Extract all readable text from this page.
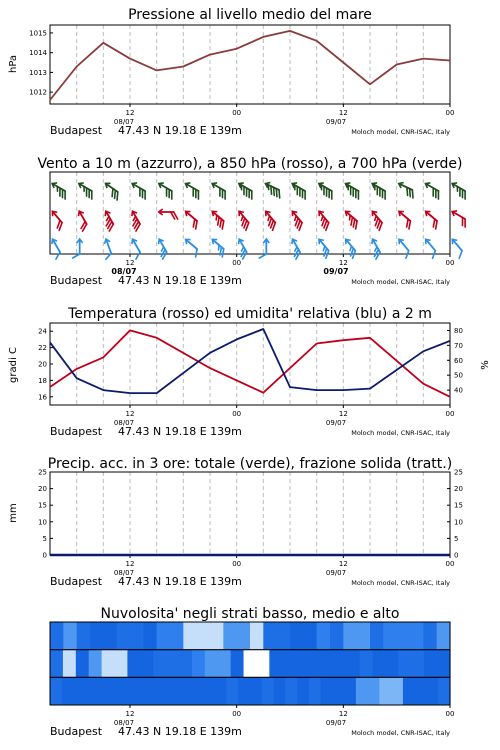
Pressione al livello medio del mare
hPa
12	00	12	00
08/07	09/07
Budapest 47.43 N 19.18 E 139m	Moloch model, CNR-ISAC, Italy
1012
1013
1014
1015
Vento a 10 m (azzurro), a 850 hPa (rosso), a 700 hPa (verde)
12	00	12	00
08/07	09/07
Budapest 47.43 N 19.18 E 139m	Moloch model, CNR-ISAC, Italy
Temperatura (rosso) ed umidita' relativa (blu) a 2 m
gradi C	%
12	00	12	00
08/07	09/07
Budapest 47.43 N 19.18 E 139m	Moloch model, CNR-ISAC, Italy
16
18
20
22
24
40
50
60
70
80
Precip. acc. in 3 ore: totale (verde), frazione solida (tratt.)
mm
12	00	12	00
08/07	09/07
Budapest 47.43 N 19.18 E 139m	Moloch model, CNR-ISAC, Italy
0
5
10
15
20
25
0
5
10
15
20
25
Nuvolosita' negli strati basso, medio e alto
12	00	12	00
08/07	09/07
Budapest 47.43 N 19.18 E 139m	Moloch model, CNR-ISAC, Italy
